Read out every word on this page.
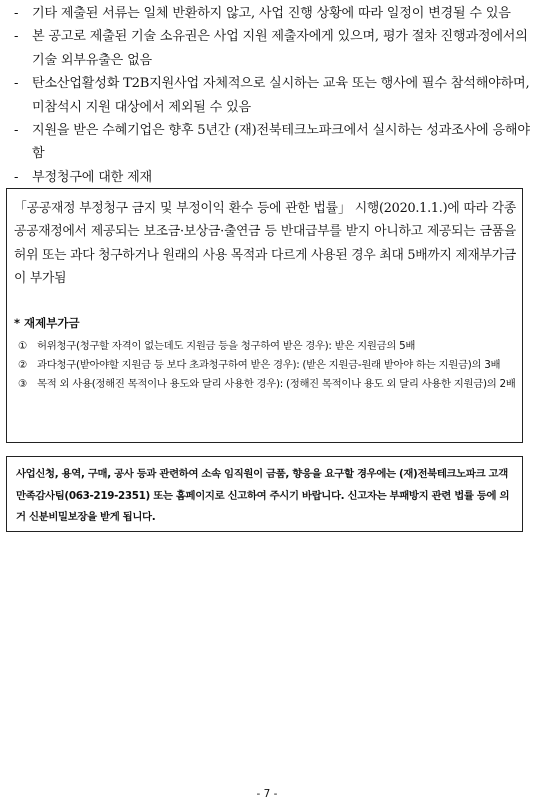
- 기타 제출된 서류는 일체 반환하지 않고, 사업 진행 상황에 따라 일정이 변경될 수 있음
- 본 공고로 제출된 기술 소유권은 사업 지원 제출자에게 있으며, 평가 절차 진행과정에서의 기술 외부유출은 없음
- 탄소산업활성화 T2B지원사업 자체적으로 실시하는 교육 또는 행사에 필수 참석해야하며, 미참석시 지원 대상에서 제외될 수 있음
- 지원을 받은 수혜기업은 향후 5년간 (재)전북테크노파크에서 실시하는 성과조사에 응해야함
- 부정청구에 대한 제재
「공공재정 부정청구 금지 및 부정이익 환수 등에 관한 법률」 시행(2020.1.1.)에 따라 각종 공공재정에서 제공되는 보조금·보상금·출연금 등 반대급부를 받지 아니하고 제공되는 금품을 허위 또는 과다 청구하거나 원래의 사용 목적과 다르게 사용된 경우 최대 5배까지 제재부가금이 부가됨
* 재제부가금
① 허위청구(청구할 자격이 없는데도 지원금 등을 청구하여 받은 경우): 받은 지원금의 5배
② 과다청구(받아야할 지원금 등 보다 초과청구하여 받은 경우): (받은 지원금-원래 받아야 하는 지원금)의 3배
③ 목적 외 사용(정해진 목적이나 용도와 달리 사용한 경우): (정해진 목적이나 용도 외 달리 사용한 지원금)의 2배
사업신청, 용역, 구매, 공사 등과 관련하여 소속 임직원이 금품, 향응을 요구할 경우에는 (재)전북테크노파크 고객만족감사팀(063-219-2351) 또는 홈페이지로 신고하여 주시기 바랍니다. 신고자는 부패방지 관련 법률 등에 의거 신분비밀보장을 받게 됩니다.
- 7 -
